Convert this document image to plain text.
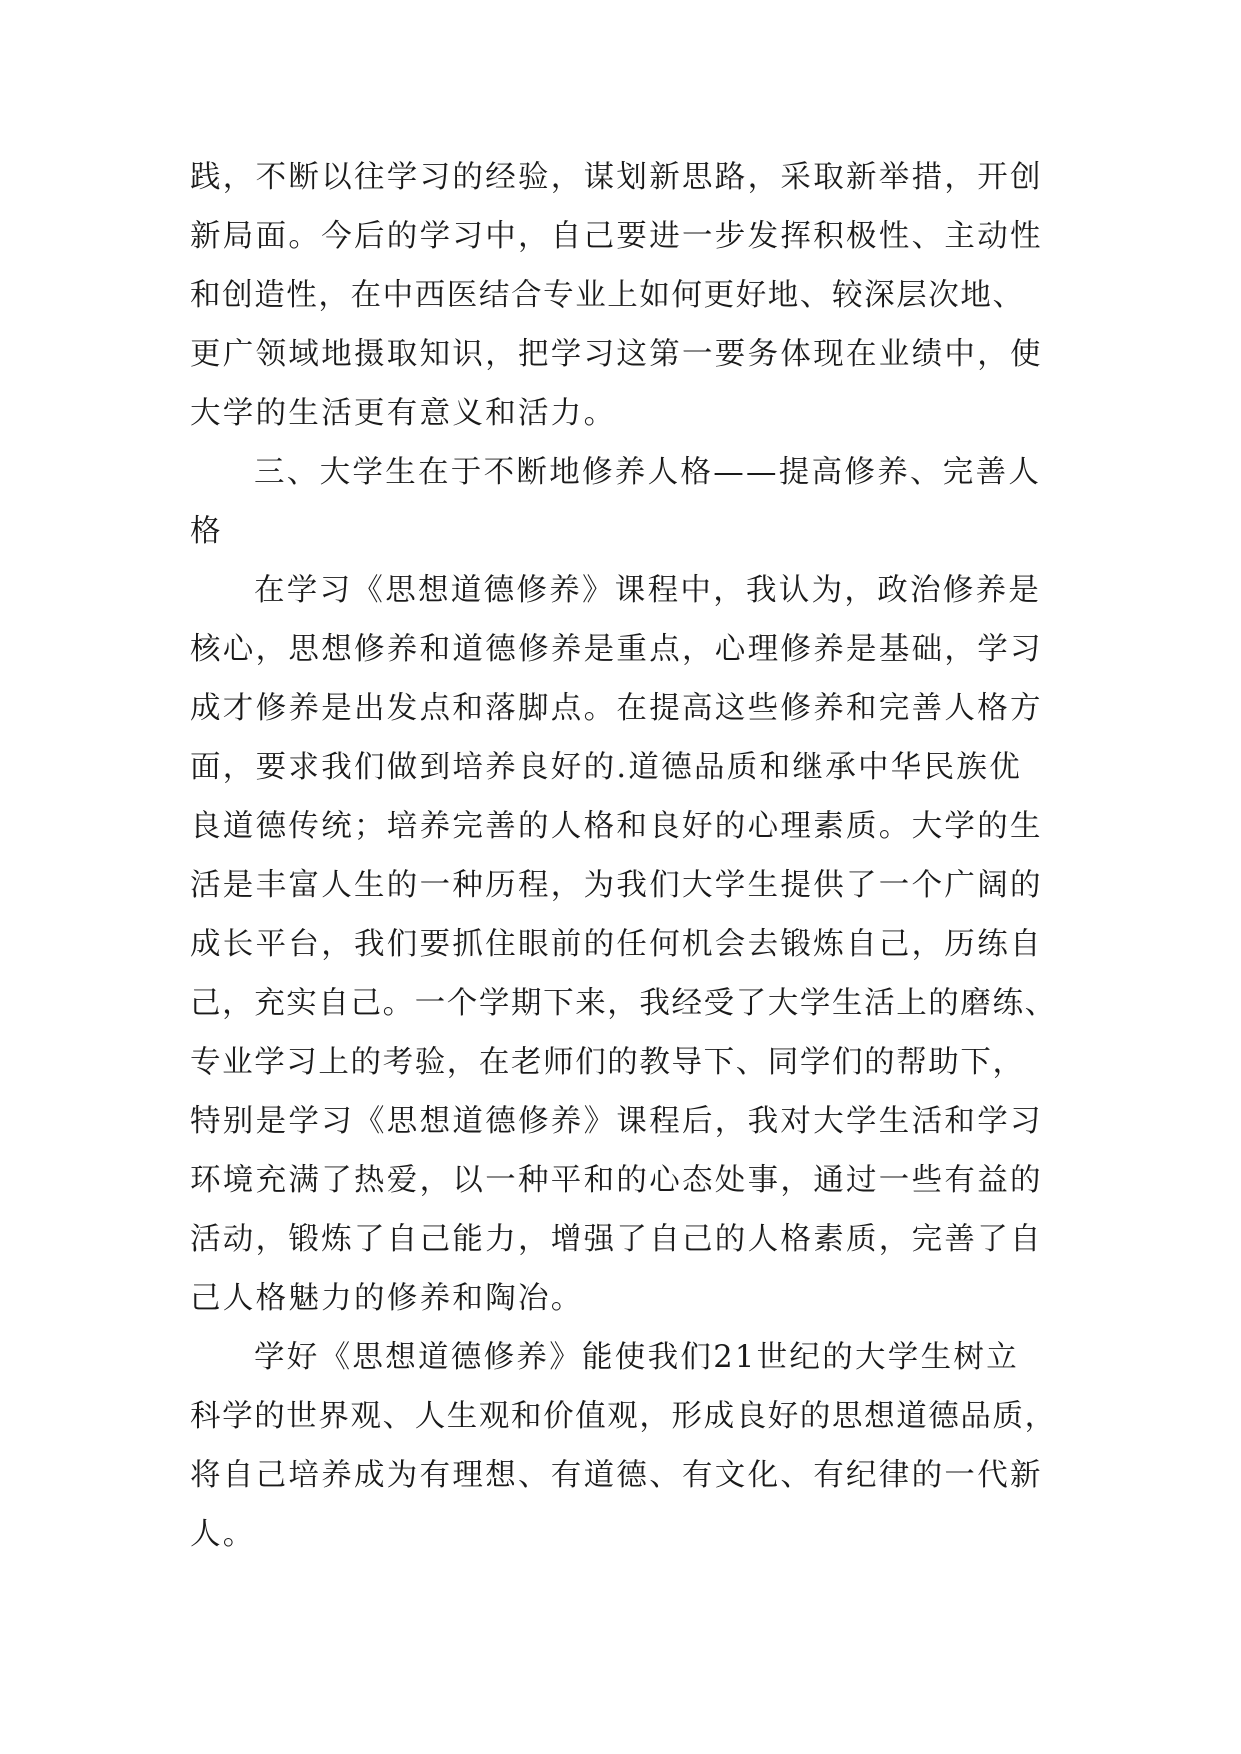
践，不断以往学习的经验，谋划新思路，采取新举措，开创
新局面。今后的学习中，自己要进一步发挥积极性、主动性
和创造性，在中西医结合专业上如何更好地、较深层次地、
更广领域地摄取知识，把学习这第一要务体现在业绩中，使
大学的生活更有意义和活力。
三、大学生在于不断地修养人格——提高修养、完善人
格
在学习《思想道德修养》课程中，我认为，政治修养是
核心，思想修养和道德修养是重点，心理修养是基础，学习
成才修养是出发点和落脚点。在提高这些修养和完善人格方
面，要求我们做到培养良好的.道德品质和继承中华民族优
良道德传统；培养完善的人格和良好的心理素质。大学的生
活是丰富人生的一种历程，为我们大学生提供了一个广阔的
成长平台，我们要抓住眼前的任何机会去锻炼自己，历练自
己，充实自己。一个学期下来，我经受了大学生活上的磨练、
专业学习上的考验，在老师们的教导下、同学们的帮助下，
特别是学习《思想道德修养》课程后，我对大学生活和学习
环境充满了热爱，以一种平和的心态处事，通过一些有益的
活动，锻炼了自己能力，增强了自己的人格素质，完善了自
己人格魅力的修养和陶冶。
学好《思想道德修养》能使我们21世纪的大学生树立
科学的世界观、人生观和价值观，形成良好的思想道德品质，
将自己培养成为有理想、有道德、有文化、有纪律的一代新
人。
